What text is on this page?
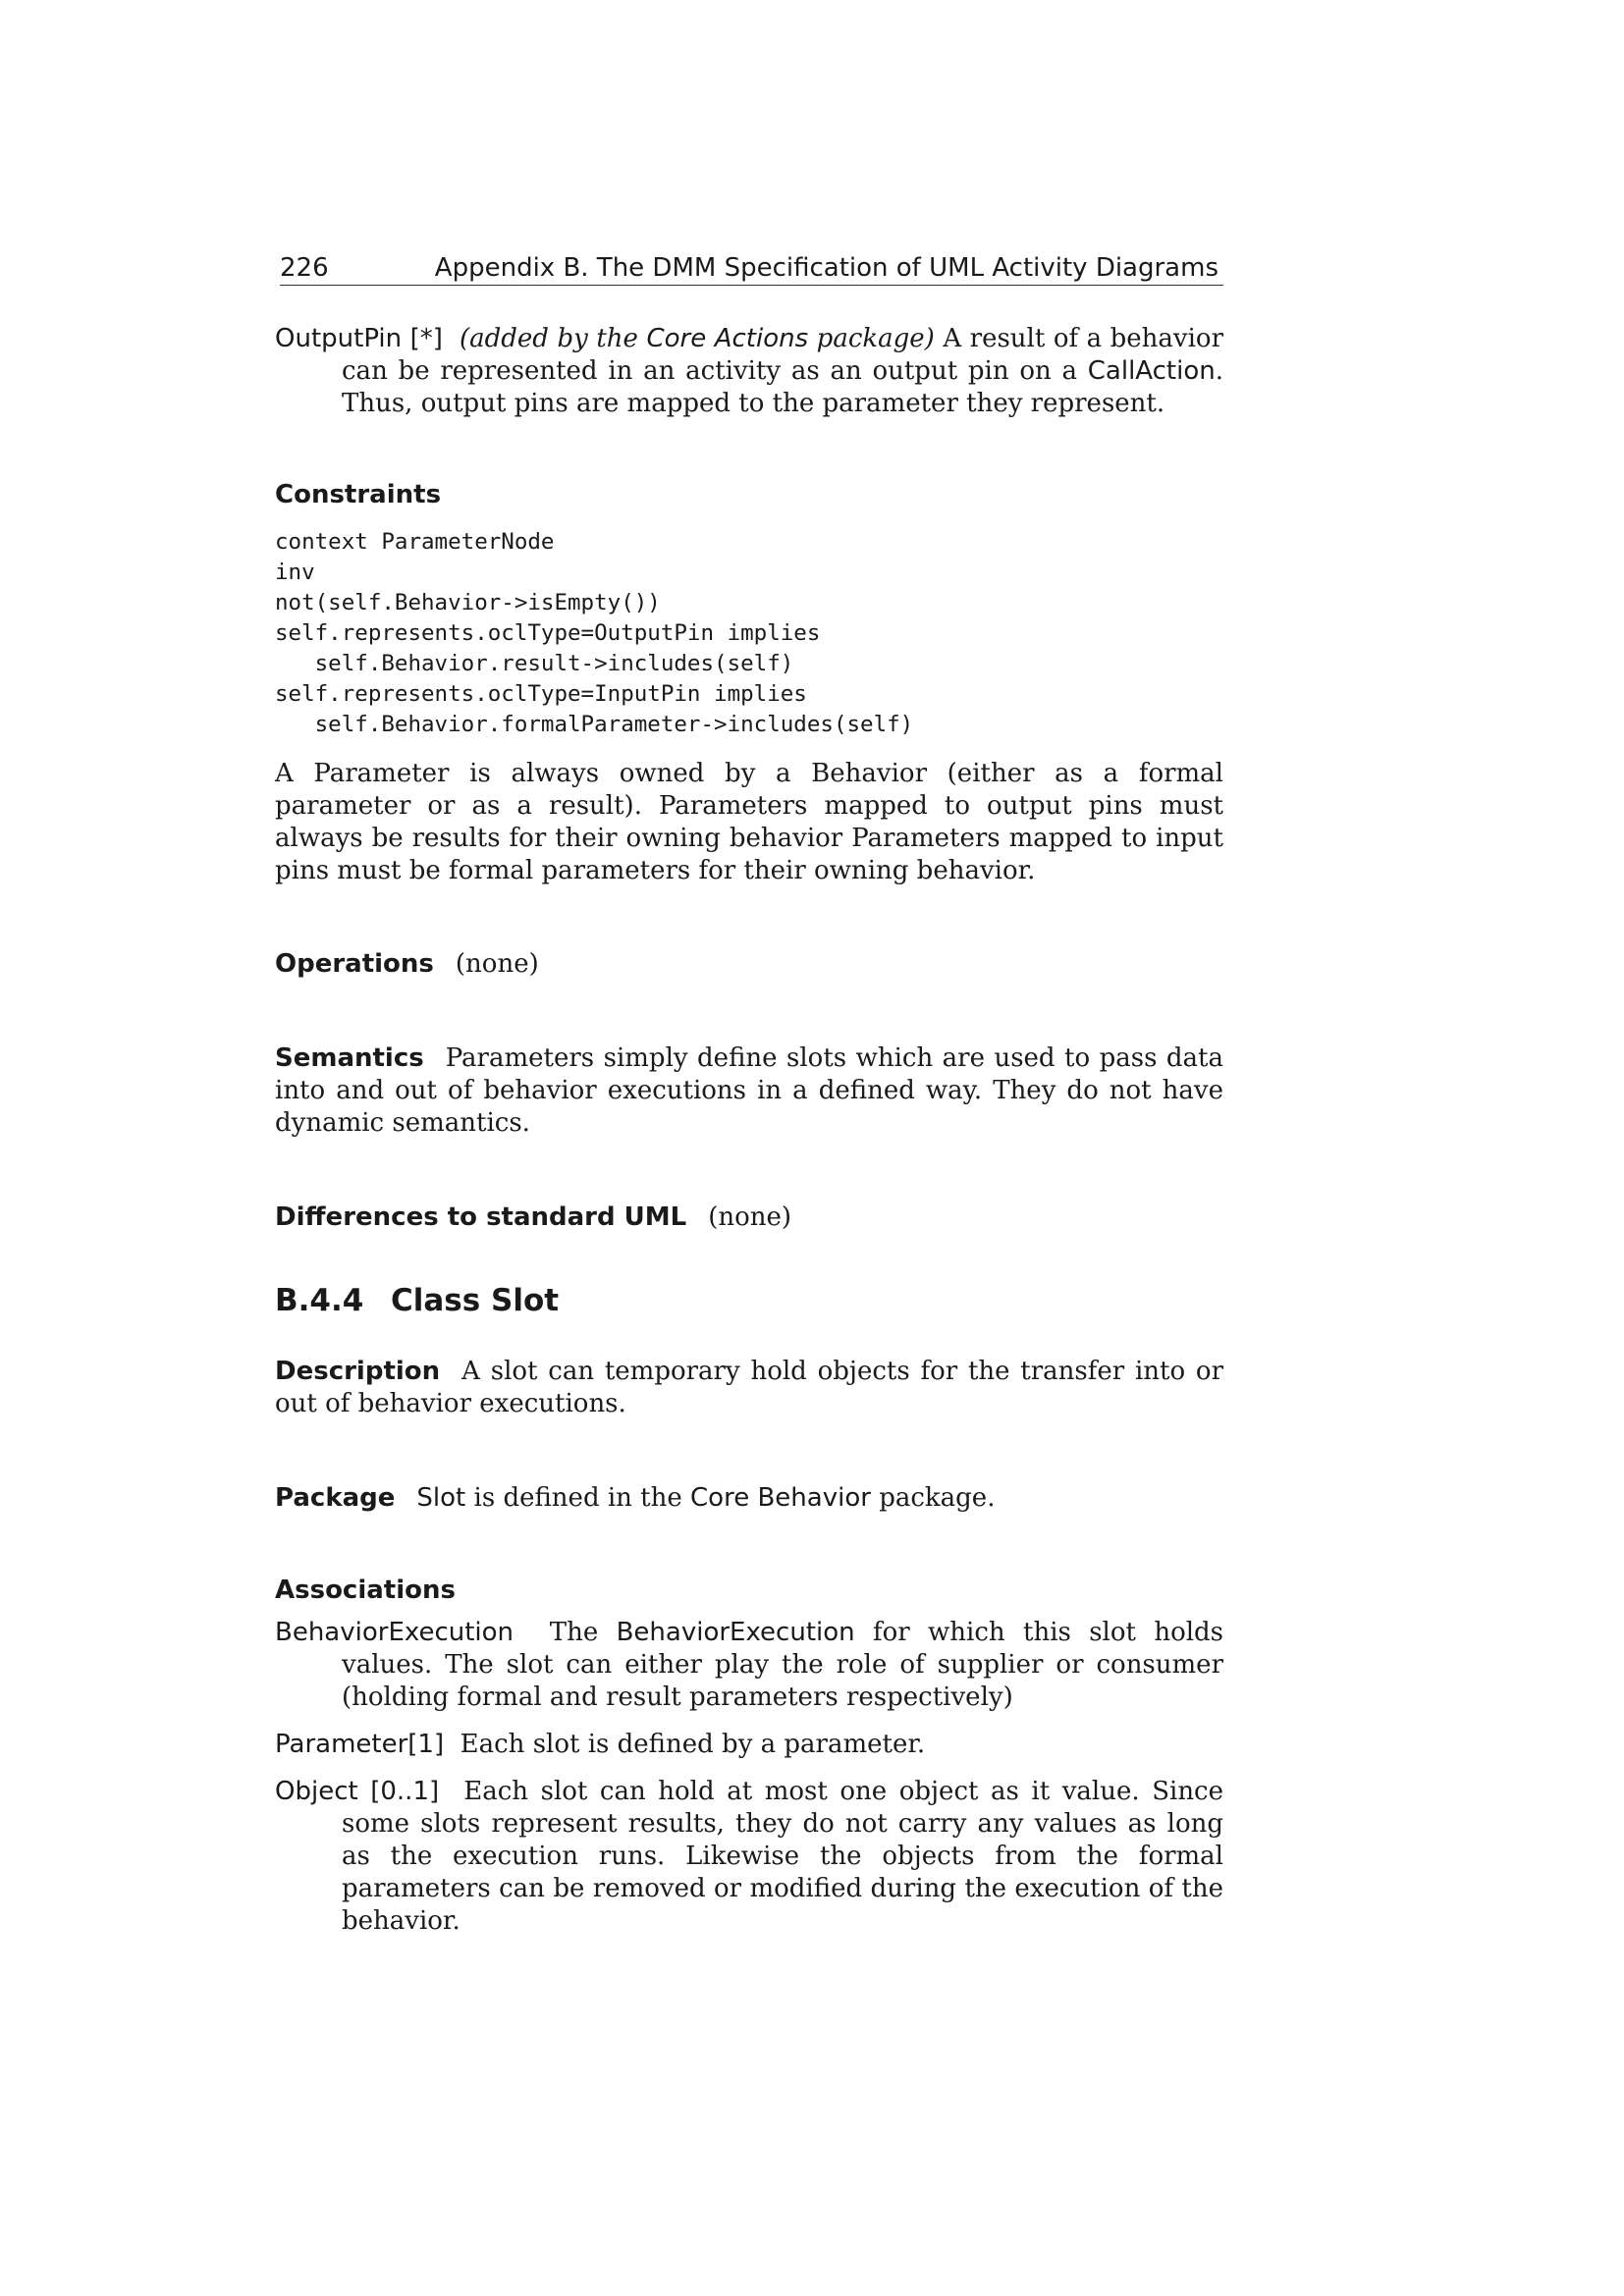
226	Appendix B. The DMM Specification of UML Activity Diagrams
OutputPin [*] (added by the Core Actions package) A result of a behavior can be represented in an activity as an output pin on a CallAction. Thus, output pins are mapped to the parameter they represent.
Constraints
context ParameterNode
inv
not(self.Behavior->isEmpty())
self.represents.oclType=OutputPin implies
self.Behavior.result->includes(self)
self.represents.oclType=InputPin implies
self.Behavior.formalParameter->includes(self)

A Parameter is always owned by a Behavior (either as a formal parameter or as a result). Parameters mapped to output pins must always be results for their owning behavior Parameters mapped to input pins must be formal parameters for their owning behavior.

Operations (none)

Semantics Parameters simply define slots which are used to pass data into and out of behavior executions in a defined way. They do not have dynamic semantics.

Differences to standard UML (none)

B.4.4 Class Slot

Description A slot can temporary hold objects for the transfer into or out of behavior executions.

Package Slot is defined in the Core Behavior package.

Associations
BehaviorExecution The BehaviorExecution for which this slot holds values. The slot can either play the role of supplier or consumer (holding formal and result parameters respectively)
Parameter[1] Each slot is defined by a parameter.
Object [0..1] Each slot can hold at most one object as it value. Since some slots represent results, they do not carry any values as long as the execution runs. Likewise the objects from the formal parameters can be removed or modified during the execution of the behavior.
